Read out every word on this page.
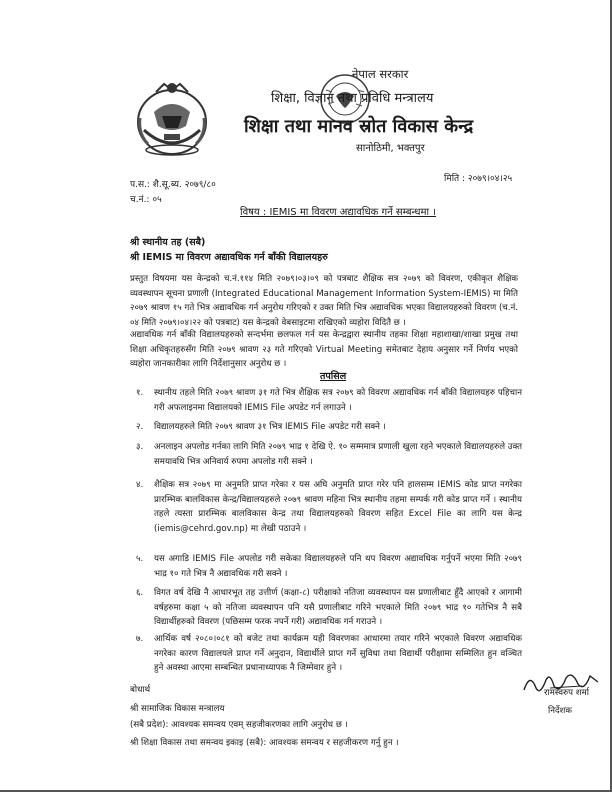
नेपाल सरकार
शिक्षा, विज्ञान तथा प्रविधि मन्त्रालय
शिक्षा तथा मानव स्रोत विकास केन्द्र
सानोठिमी, भक्तपुर
प.स.: शै.सू.ब्य. २०७९/८०
च.नं.: ०५
मिति : २०७९।०४।२५
विषय : IEMIS मा विवरण अद्यावधिक गर्ने सम्बन्धमा ।
श्री स्थानीय तह (सबै)
श्री IEMIS मा विवरण अद्यावधिक गर्न बाँकी विद्यालयहरु
प्रस्तुत विषयमा यस केन्द्रको च.नं.११४ मिति २०७९।०३।०९ को पत्रबाट शैक्षिक सत्र २०७९ को विवरण, एकीकृत शैक्षिक व्यवस्थापन सूचना प्रणाली (Integrated Educational Management Information System-IEMIS) मा मिति २०७९ श्रावण १५ गते भित्र अद्यावधिक गर्न अनुरोध गरिएको र उक्त मिति भित्र अद्यावधिक भएका विद्यालयहरुको विवरण (च.नं. ०४ मिति २०७९।०४।२२ को पत्रबाट) यस केन्द्रको वेबसाइटमा राखिएको व्यहोरा विदितै छ ।
अद्यावधिक गर्न बाँकी विद्यालयहरुको सन्दर्भमा छलफल गर्न यस केन्द्रद्वारा स्थानीय तहका शिक्षा महाशाखा/शाखा प्रमुख तथा शिक्षा अधिकृतहरुसँग मिति २०७९ श्रावण २३ गते गरिएको Virtual Meeting समेतबाट देहाय अनुसार गर्ने निर्णय भएको व्यहोरा जानकारीका लागि निर्देशानुसार अनुरोध छ ।
तपसिल
१. स्थानीय तहले मिति २०७९ श्रावण ३१ गते भित्र शैक्षिक सत्र २०७९ को विवरण अद्यावधिक गर्न बाँकी विद्यालयहरु पहिचान गरी अफलाइनमा विद्यालयको IEMIS File अपडेट गर्न लगाउने ।
२. विद्यालयहरुले मिति २०७९ श्रावण ३१ भित्र IEMIS File अपडेट गरी सक्ने ।
३. अनलाइन अपलोड गर्नका लागि मिति २०७९ भाद्र १ देखि ऐ. १० सम्ममात्र प्रणाली खुला रहने भएकाले विद्यालयहरुले उक्त समयावधि भित्र अनिवार्य रुपमा अपलोड गरी सक्ने ।
४. शैक्षिक सत्र २०७९ मा अनुमति प्राप्त गरेका र यस अघि अनुमति प्राप्त गरेर पनि हालसम्म IEMIS कोड प्राप्त नगरेका प्रारम्भिक बालविकास केन्द्र/विद्यालयहरुले २०७९ श्रावण महिना भित्र स्थानीय तहमा सम्पर्क गरी कोड प्राप्त गर्ने । स्थानीय तहले त्यस्ता प्रारम्भिक बालविकास केन्द्र तथा विद्यालयहरुको विवरण सहित Excel File का लागि यस केन्द्र (iemis@cehrd.gov.np) मा लेखी पठाउने ।
५. यस अगाडि IEMIS File अपलोड गरी सकेका विद्यालयहरुले पनि थप विवरण अद्यावधिक गर्नुपर्ने भएमा मिति २०७९ भाद्र १० गते भित्र नै अद्यावधिक गरी सक्ने ।
६. विगत वर्ष देखि नै आधारभूत तह उत्तीर्ण (कक्षा-८) परीक्षाको नतिजा व्यवस्थापन यस प्रणालीबाट हुँदै आएको र आगामी वर्षहरुमा कक्षा ५ को नतिजा व्यवस्थापन पनि यसै प्रणालीबाट गरिने भएकाले मिति २०७९ भाद्र १० गतेभित्र नै सबै विद्यार्थीहरुको विवरण (पछिसम्म फरक नपर्ने गरी) अद्यावधिक गर्न गराउने ।
७. आर्थिक वर्ष २०८०।०८१ को बजेट तथा कार्यक्रम यही विवरणका आधारमा तयार गरिने भएकाले विवरण अद्यावधिक नगरेका कारण विद्यालयले प्राप्त गर्ने अनुदान, विद्यार्थीले प्राप्त गर्ने सुविधा तथा विद्यार्थी परीक्षामा सम्मिलित हुन वञ्चित हुने अवस्था आएमा सम्बन्धित प्रधानाध्यापक नै जिम्मेवार हुने ।
बोधार्थ
श्री सामाजिक विकास मन्त्रालय
(सबै प्रदेश): आवश्यक समन्वय एवम् सहजीकरणका लागि अनुरोध छ ।
श्री शिक्षा विकास तथा समन्वय इकाइ (सबै): आवश्यक समन्वय र सहजीकरण गर्नु हुन ।
रामस्वरुप शर्मा
निर्देशक
